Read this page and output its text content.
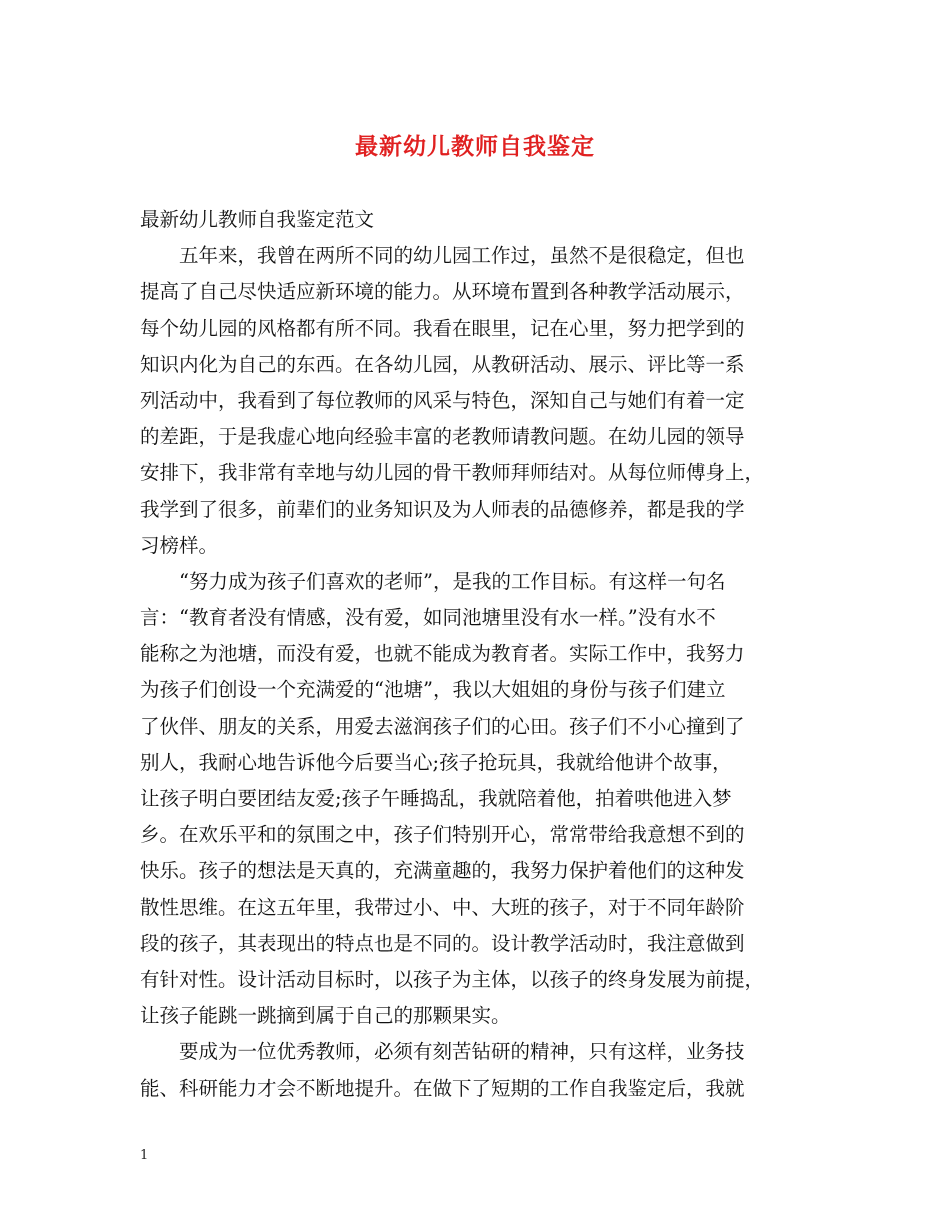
最新幼儿教师自我鉴定
最新幼儿教师自我鉴定范文
　　五年来，我曾在两所不同的幼儿园工作过，虽然不是很稳定，但也
提高了自己尽快适应新环境的能力。从环境布置到各种教学活动展示，
每个幼儿园的风格都有所不同。我看在眼里，记在心里，努力把学到的
知识内化为自己的东西。在各幼儿园，从教研活动、展示、评比等一系
列活动中，我看到了每位教师的风采与特色，深知自己与她们有着一定
的差距，于是我虚心地向经验丰富的老教师请教问题。在幼儿园的领导
安排下，我非常有幸地与幼儿园的骨干教师拜师结对。从每位师傅身上，
我学到了很多，前辈们的业务知识及为人师表的品德修养，都是我的学
习榜样。
　　“努力成为孩子们喜欢的老师”，是我的工作目标。有这样一句名
言：“教育者没有情感，没有爱，如同池塘里没有水一样。”没有水不
能称之为池塘，而没有爱，也就不能成为教育者。实际工作中，我努力
为孩子们创设一个充满爱的“池塘”，我以大姐姐的身份与孩子们建立
了伙伴、朋友的关系，用爱去滋润孩子们的心田。孩子们不小心撞到了
别人，我耐心地告诉他今后要当心;孩子抢玩具，我就给他讲个故事，
让孩子明白要团结友爱;孩子午睡捣乱，我就陪着他，拍着哄他进入梦
乡。在欢乐平和的氛围之中，孩子们特别开心，常常带给我意想不到的
快乐。孩子的想法是天真的，充满童趣的，我努力保护着他们的这种发
散性思维。在这五年里，我带过小、中、大班的孩子，对于不同年龄阶
段的孩子，其表现出的特点也是不同的。设计教学活动时，我注意做到
有针对性。设计活动目标时，以孩子为主体，以孩子的终身发展为前提，
让孩子能跳一跳摘到属于自己的那颗果实。
　　要成为一位优秀教师，必须有刻苦钻研的精神，只有这样，业务技
能、科研能力才会不断地提升。在做下了短期的工作自我鉴定后，我就
1
